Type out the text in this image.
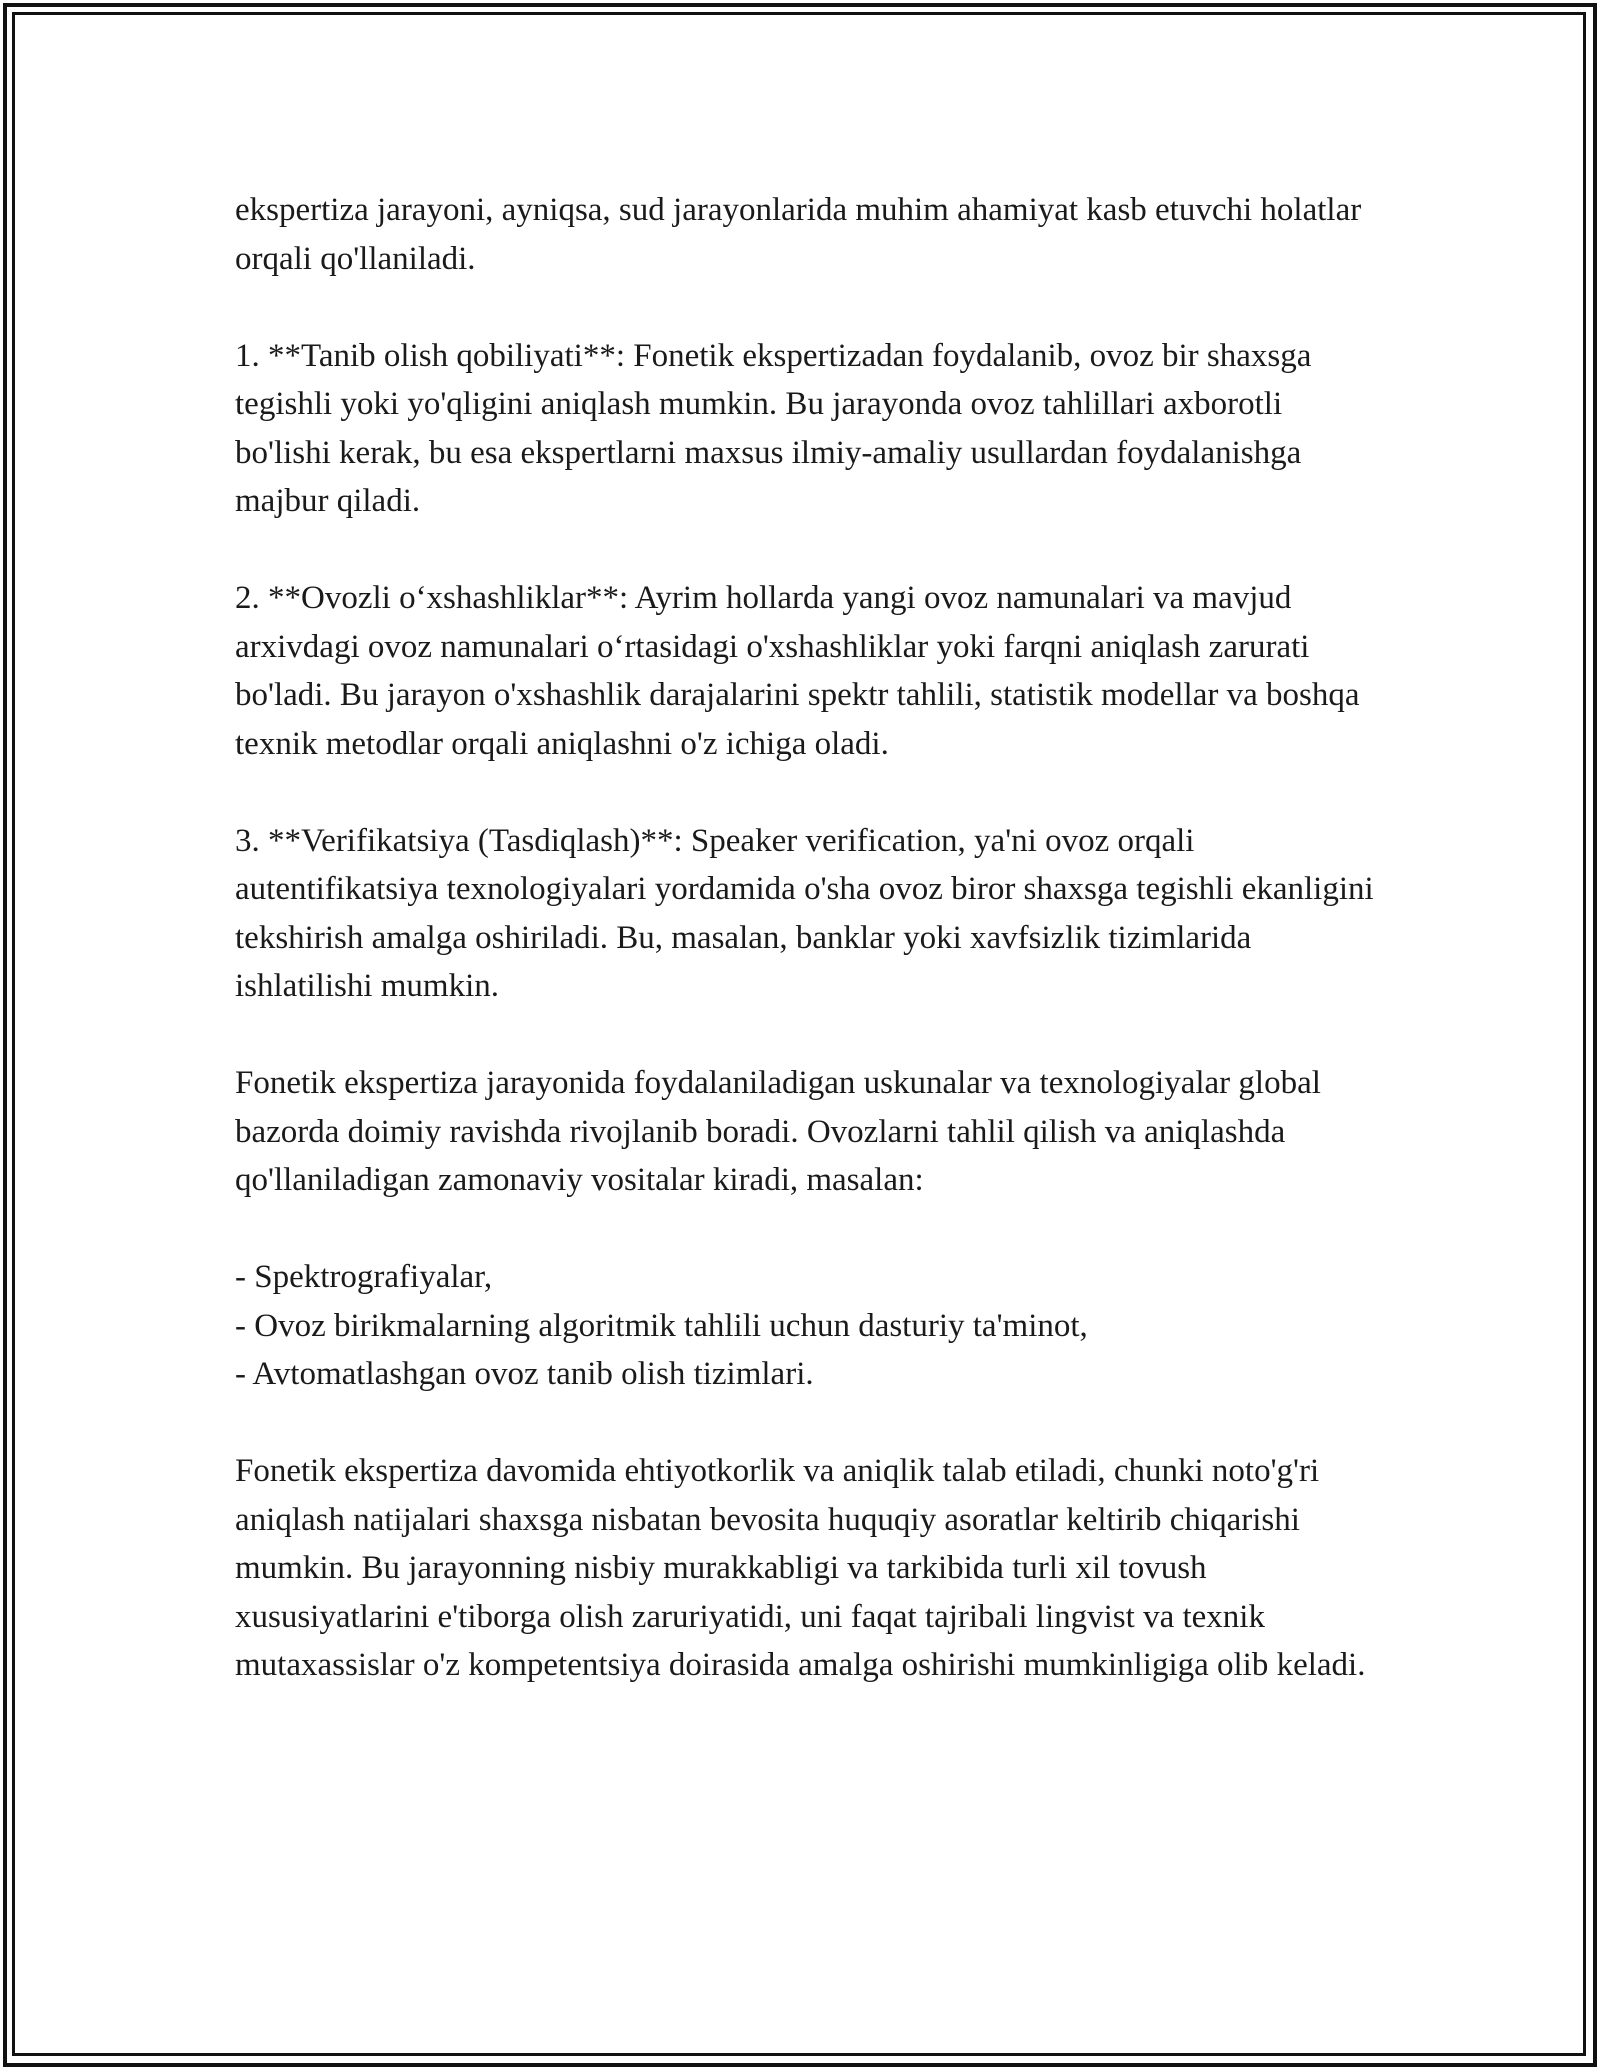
ekspertiza jarayoni, ayniqsa, sud jarayonlarida muhim ahamiyat kasb etuvchi holatlar orqali qo'llaniladi.

1. **Tanib olish qobiliyati**: Fonetik ekspertizadan foydalanib, ovoz bir shaxsga tegishli yoki yo'qligini aniqlash mumkin. Bu jarayonda ovoz tahlillari axborotli bo'lishi kerak, bu esa ekspertlarni maxsus ilmiy-amaliy usullardan foydalanishga majbur qiladi.

2. **Ovozli o‘xshashliklar**: Ayrim hollarda yangi ovoz namunalari va mavjud arxivdagi ovoz namunalari o‘rtasidagi o'xshashliklar yoki farqni aniqlash zarurati bo'ladi. Bu jarayon o'xshashlik darajalarini spektr tahlili, statistik modellar va boshqa texnik metodlar orqali aniqlashni o'z ichiga oladi.

3. **Verifikatsiya (Tasdiqlash)**: Speaker verification, ya'ni ovoz orqali autentifikatsiya texnologiyalari yordamida o'sha ovoz biror shaxsga tegishli ekanligini tekshirish amalga oshiriladi. Bu, masalan, banklar yoki xavfsizlik tizimlarida ishlatilishi mumkin.

Fonetik ekspertiza jarayonida foydalaniladigan uskunalar va texnologiyalar global bazorda doimiy ravishda rivojlanib boradi. Ovozlarni tahlil qilish va aniqlashda qo'llaniladigan zamonaviy vositalar kiradi, masalan:

- Spektrografiyalar,
- Ovoz birikmalarning algoritmik tahlili uchun dasturiy ta'minot,
- Avtomatlashgan ovoz tanib olish tizimlari.

Fonetik ekspertiza davomida ehtiyotkorlik va aniqlik talab etiladi, chunki noto'g'ri aniqlash natijalari shaxsga nisbatan bevosita huquqiy asoratlar keltirib chiqarishi mumkin. Bu jarayonning nisbiy murakkabligi va tarkibida turli xil tovush xususiyatlarini e'tiborga olish zaruriyatidi, uni faqat tajribali lingvist va texnik mutaxassislar o'z kompetentsiya doirasida amalga oshirishi mumkinligiga olib keladi.
